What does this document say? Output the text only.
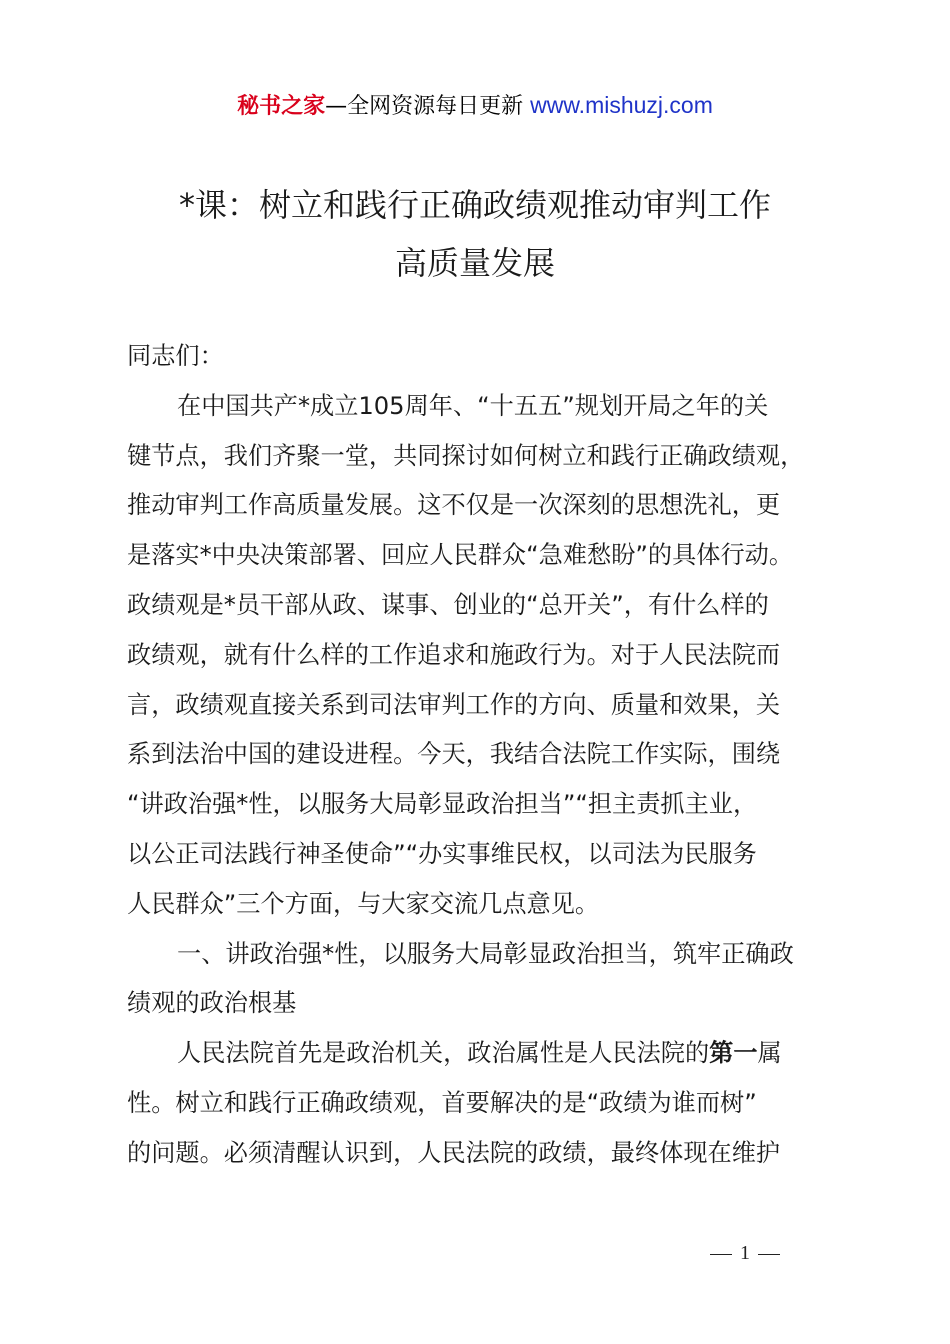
秘书之家—全网资源每日更新 www.mishuzj.com
*课：树立和践行正确政绩观推动审判工作
高质量发展
同志们：
在中国共产*成立105周年、“十五五”规划开局之年的关
键节点，我们齐聚一堂，共同探讨如何树立和践行正确政绩观，
推动审判工作高质量发展。这不仅是一次深刻的思想洗礼，更
是落实*中央决策部署、回应人民群众“急难愁盼”的具体行动。
政绩观是*员干部从政、谋事、创业的“总开关”，有什么样的
政绩观，就有什么样的工作追求和施政行为。对于人民法院而
言，政绩观直接关系到司法审判工作的方向、质量和效果，关
系到法治中国的建设进程。今天，我结合法院工作实际，围绕
“讲政治强*性，以服务大局彰显政治担当”“担主责抓主业，
以公正司法践行神圣使命”“办实事维民权，以司法为民服务
人民群众”三个方面，与大家交流几点意见。
一、讲政治强*性，以服务大局彰显政治担当，筑牢正确政
绩观的政治根基
人民法院首先是政治机关，政治属性是人民法院的第一属
性。树立和践行正确政绩观，首要解决的是“政绩为谁而树”
的问题。必须清醒认识到，人民法院的政绩，最终体现在维护
1
